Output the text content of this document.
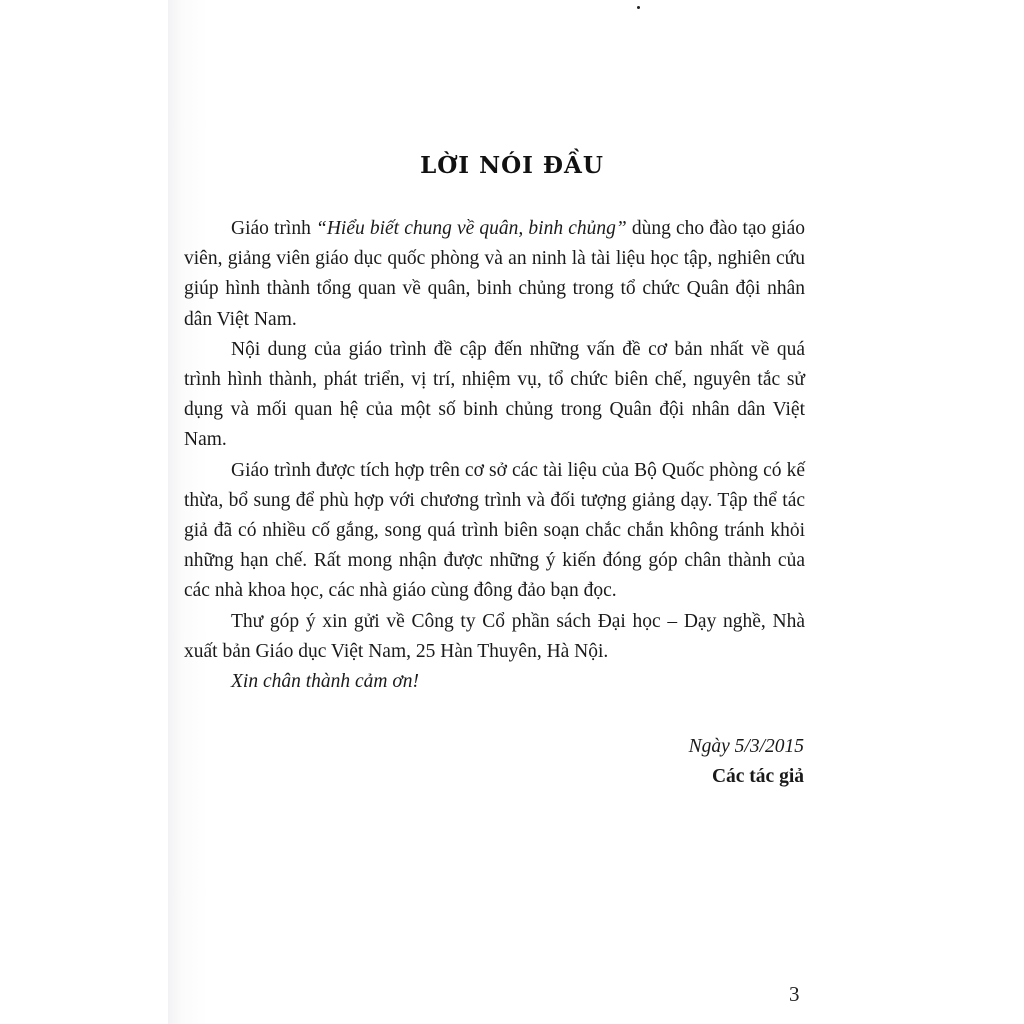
LỜI NÓI ĐẦU

Giáo trình “Hiểu biết chung về quân, binh chủng” dùng cho đào tạo giáo viên, giảng viên giáo dục quốc phòng và an ninh là tài liệu học tập, nghiên cứu giúp hình thành tổng quan về quân, binh chủng trong tổ chức Quân đội nhân dân Việt Nam.

Nội dung của giáo trình đề cập đến những vấn đề cơ bản nhất về quá trình hình thành, phát triển, vị trí, nhiệm vụ, tổ chức biên chế, nguyên tắc sử dụng và mối quan hệ của một số binh chủng trong Quân đội nhân dân Việt Nam.

Giáo trình được tích hợp trên cơ sở các tài liệu của Bộ Quốc phòng có kế thừa, bổ sung để phù hợp với chương trình và đối tượng giảng dạy. Tập thể tác giả đã có nhiều cố gắng, song quá trình biên soạn chắc chắn không tránh khỏi những hạn chế. Rất mong nhận được những ý kiến đóng góp chân thành của các nhà khoa học, các nhà giáo cùng đông đảo bạn đọc.

Thư góp ý xin gửi về Công ty Cổ phần sách Đại học – Dạy nghề, Nhà xuất bản Giáo dục Việt Nam, 25 Hàn Thuyên, Hà Nội.

Xin chân thành cảm ơn!

Ngày 5/3/2015
Các tác giả
3
